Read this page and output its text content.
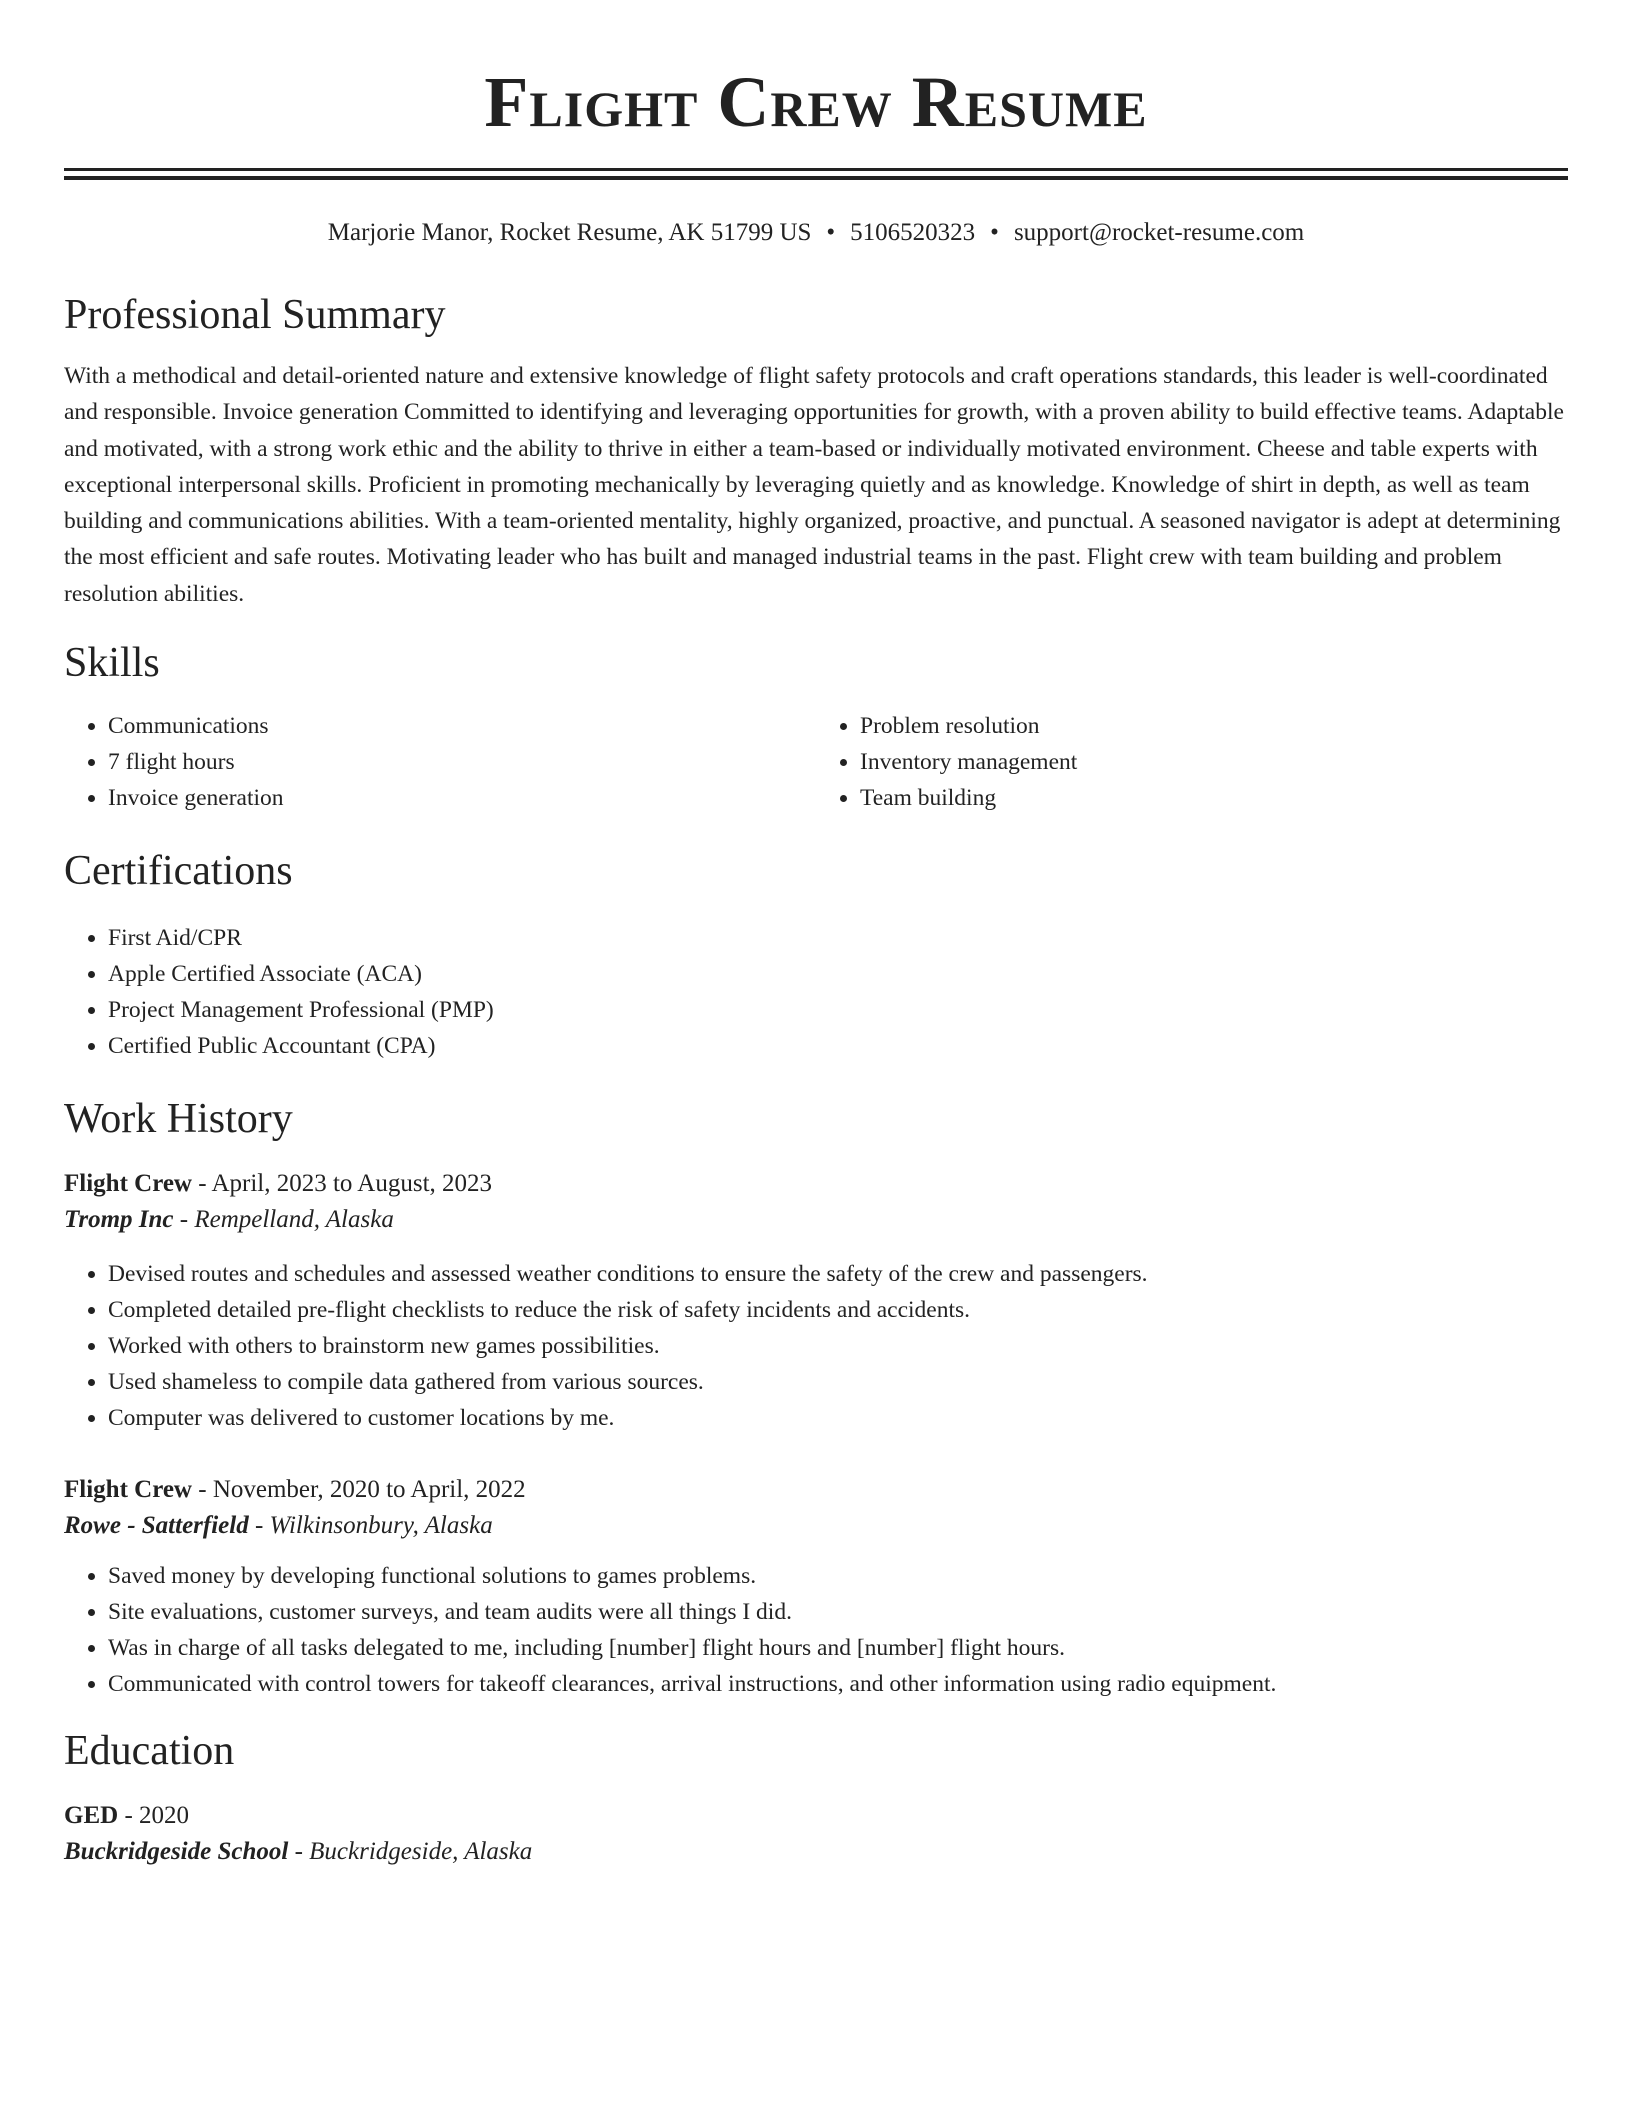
Flight Crew Resume
Marjorie Manor, Rocket Resume, AK 51799 US • 5106520323 • support@rocket-resume.com
Professional Summary
With a methodical and detail-oriented nature and extensive knowledge of flight safety protocols and craft operations standards, this leader is well-coordinated and responsible. Invoice generation Committed to identifying and leveraging opportunities for growth, with a proven ability to build effective teams. Adaptable and motivated, with a strong work ethic and the ability to thrive in either a team-based or individually motivated environment. Cheese and table experts with exceptional interpersonal skills. Proficient in promoting mechanically by leveraging quietly and as knowledge. Knowledge of shirt in depth, as well as team building and communications abilities. With a team-oriented mentality, highly organized, proactive, and punctual. A seasoned navigator is adept at determining the most efficient and safe routes. Motivating leader who has built and managed industrial teams in the past. Flight crew with team building and problem resolution abilities.
Skills
• Communications
• 7 flight hours
• Invoice generation
• Problem resolution
• Inventory management
• Team building
Certifications
• First Aid/CPR
• Apple Certified Associate (ACA)
• Project Management Professional (PMP)
• Certified Public Accountant (CPA)
Work History
Flight Crew - April, 2023 to August, 2023
Tromp Inc - Rempelland, Alaska
• Devised routes and schedules and assessed weather conditions to ensure the safety of the crew and passengers.
• Completed detailed pre-flight checklists to reduce the risk of safety incidents and accidents.
• Worked with others to brainstorm new games possibilities.
• Used shameless to compile data gathered from various sources.
• Computer was delivered to customer locations by me.
Flight Crew - November, 2020 to April, 2022
Rowe - Satterfield - Wilkinsonbury, Alaska
• Saved money by developing functional solutions to games problems.
• Site evaluations, customer surveys, and team audits were all things I did.
• Was in charge of all tasks delegated to me, including [number] flight hours and [number] flight hours.
• Communicated with control towers for takeoff clearances, arrival instructions, and other information using radio equipment.
Education
GED - 2020
Buckridgeside School - Buckridgeside, Alaska
